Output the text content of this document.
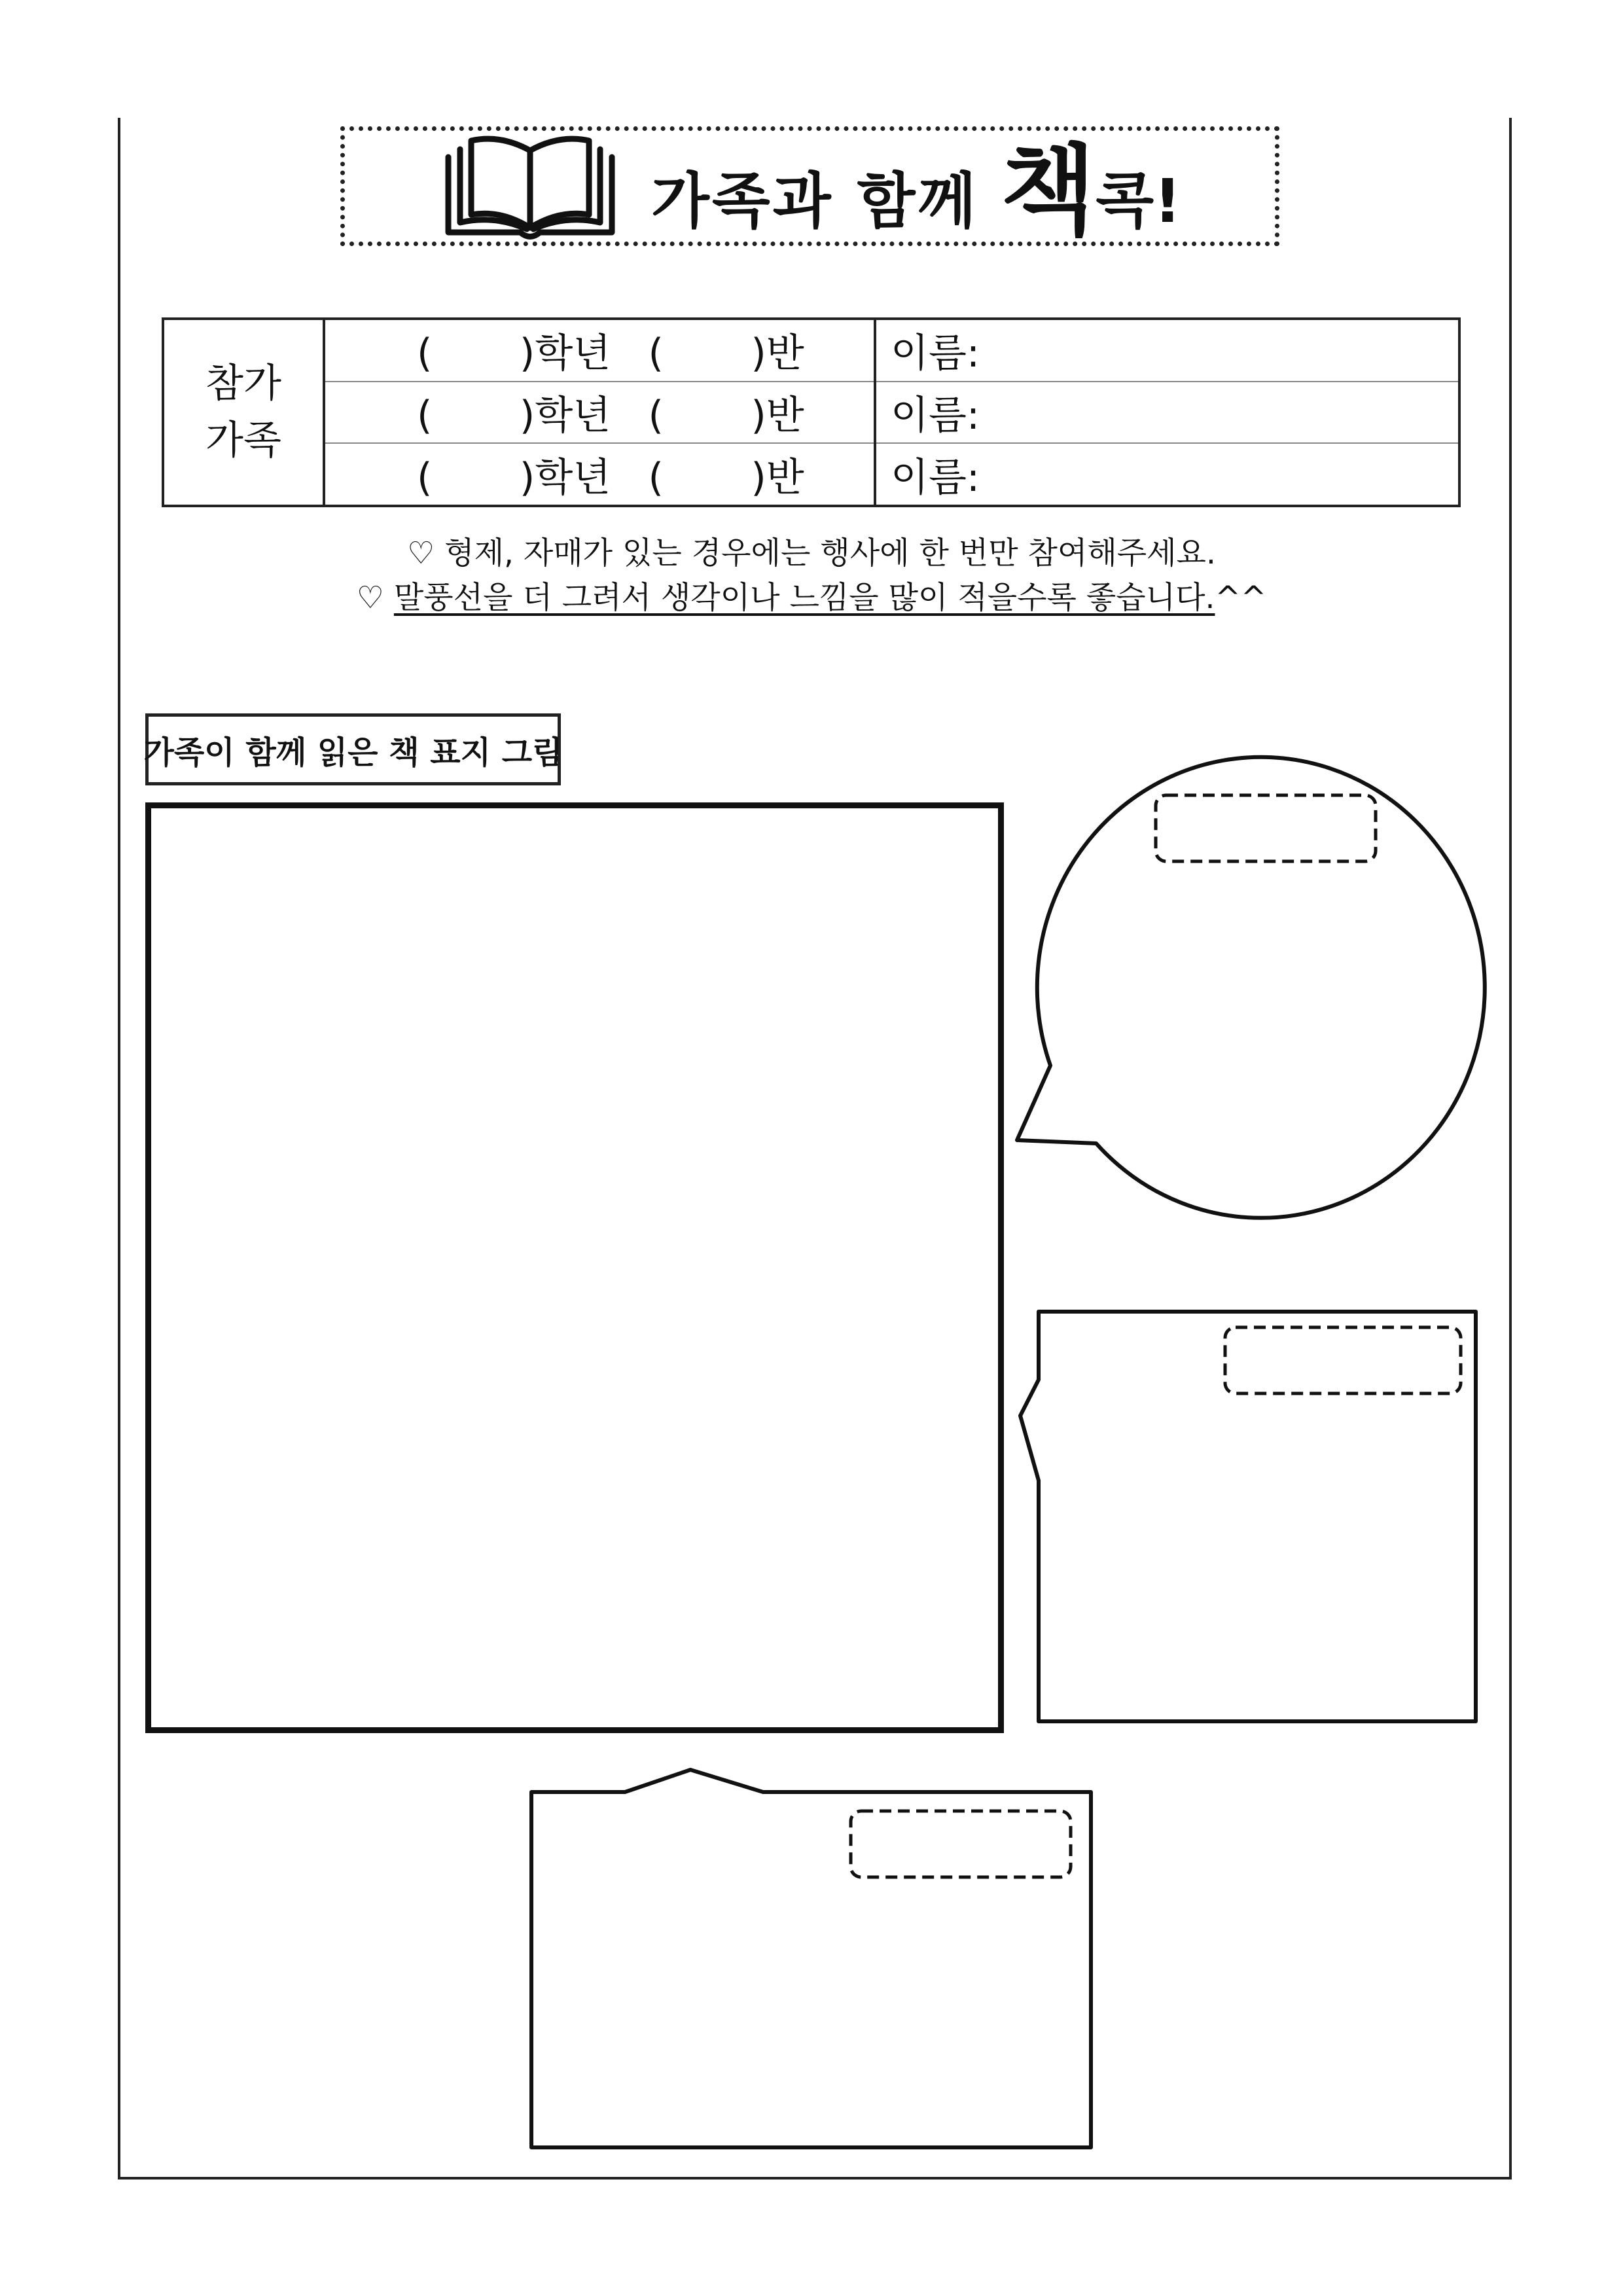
가족과 함께 책 콕!
참가 가족	(       )학년   (       )반	이름:
	(       )학년   (       )반	이름:
	(       )학년   (       )반	이름:
♡ 형제, 자매가 있는 경우에는 행사에 한 번만 참여해주세요.
♡ 말풍선을 더 그려서 생각이나 느낌을 많이 적을수록 좋습니다.^^
가족이 함께 읽은 책 표지 그림
